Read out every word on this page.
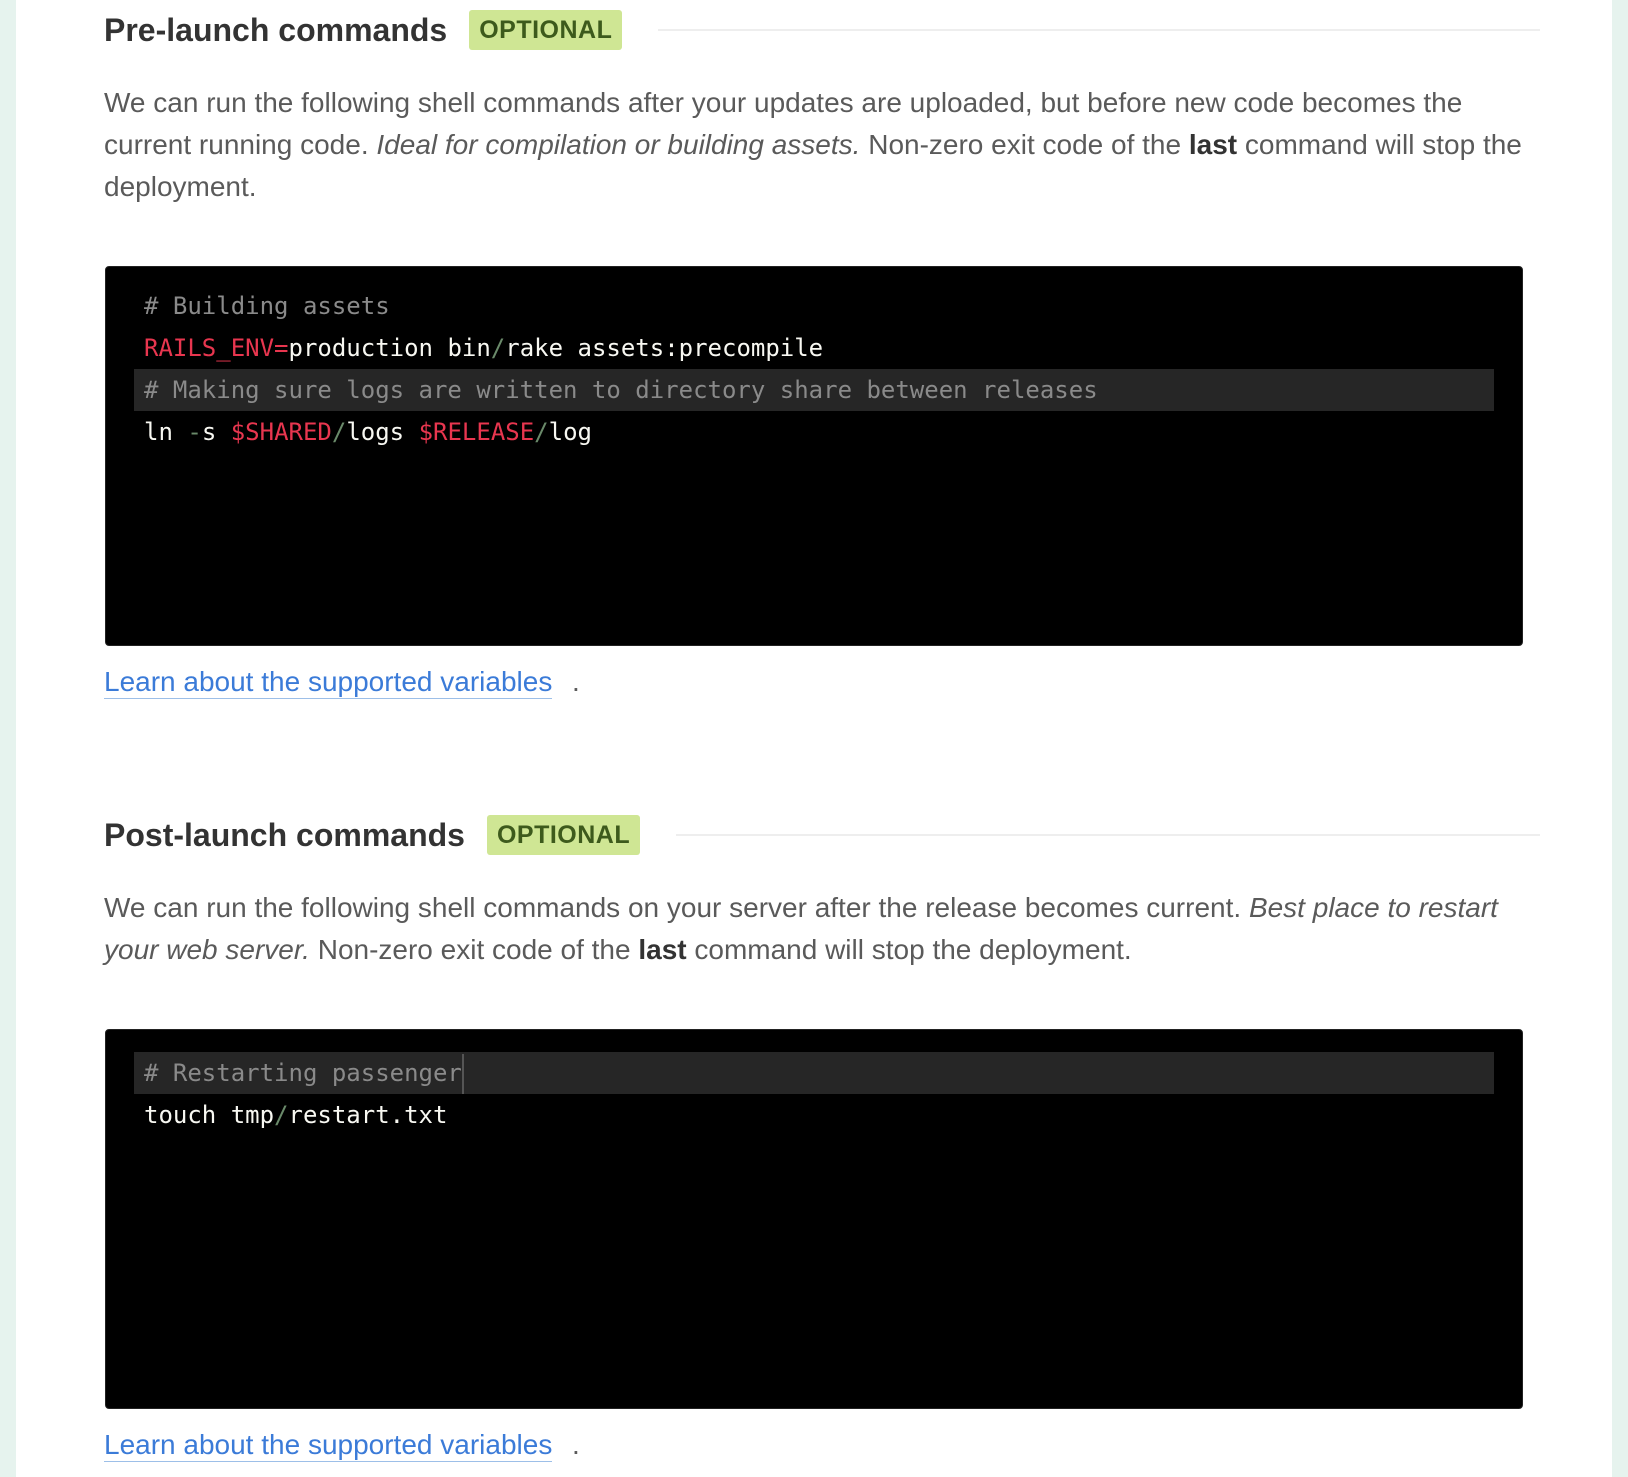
Pre-launch commands	OPTIONAL
We can run the following shell commands after your updates are uploaded, but before new code becomes the current running code. Ideal for compilation or building assets. Non-zero exit code of the last command will stop the deployment.
# Building assets
RAILS_ENV=production bin/rake assets:precompile
# Making sure logs are written to directory share between releases
ln -s $SHARED/logs $RELEASE/log
Learn about the supported variables .
Post-launch commands	OPTIONAL
We can run the following shell commands on your server after the release becomes current. Best place to restart your web server. Non-zero exit code of the last command will stop the deployment.
# Restarting passenger
touch tmp/restart.txt
Learn about the supported variables .
